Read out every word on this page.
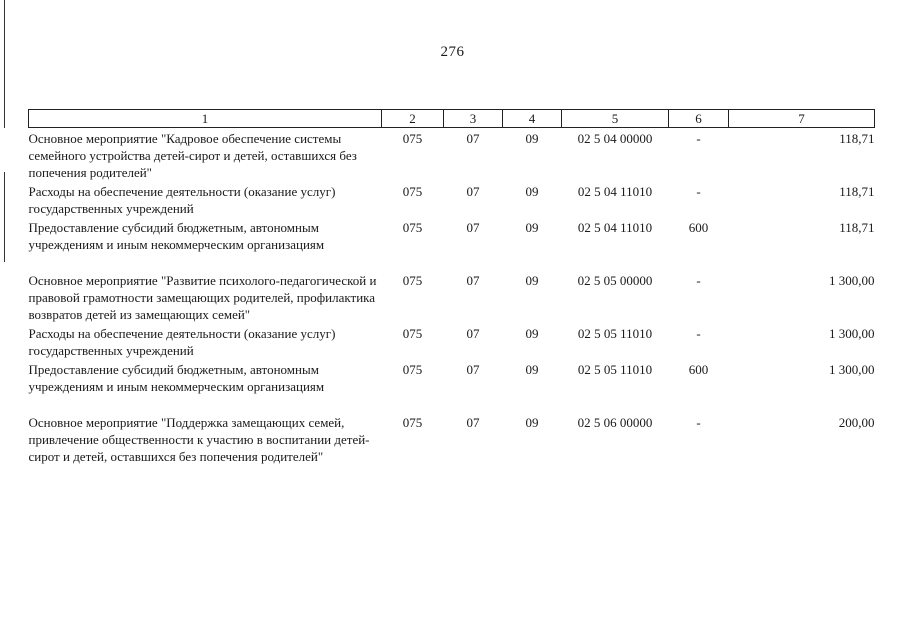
276
1	2	3	4	5	6	7
Основное мероприятие "Кадровое обеспечение системы семейного устройства детей-сирот и детей, оставшихся без попечения родителей"	075	07	09	02 5 04 00000	-	118,71
Расходы на обеспечение деятельности (оказание услуг) государственных учреждений	075	07	09	02 5 04 11010	-	118,71
Предоставление субсидий бюджетным, автономным учреждениям и иным некоммерческим организациям	075	07	09	02 5 04 11010	600	118,71

Основное мероприятие "Развитие психолого-педагогической и правовой грамотности замещающих родителей, профилактика возвратов детей из замещающих семей"	075	07	09	02 5 05 00000	-	1 300,00
Расходы на обеспечение деятельности (оказание услуг) государственных учреждений	075	07	09	02 5 05 11010	-	1 300,00
Предоставление субсидий бюджетным, автономным учреждениям и иным некоммерческим организациям	075	07	09	02 5 05 11010	600	1 300,00

Основное мероприятие "Поддержка замещающих семей, привлечение общественности к участию в воспитании детей-сирот и детей, оставшихся без попечения родителей"	075	07	09	02 5 06 00000	-	200,00
